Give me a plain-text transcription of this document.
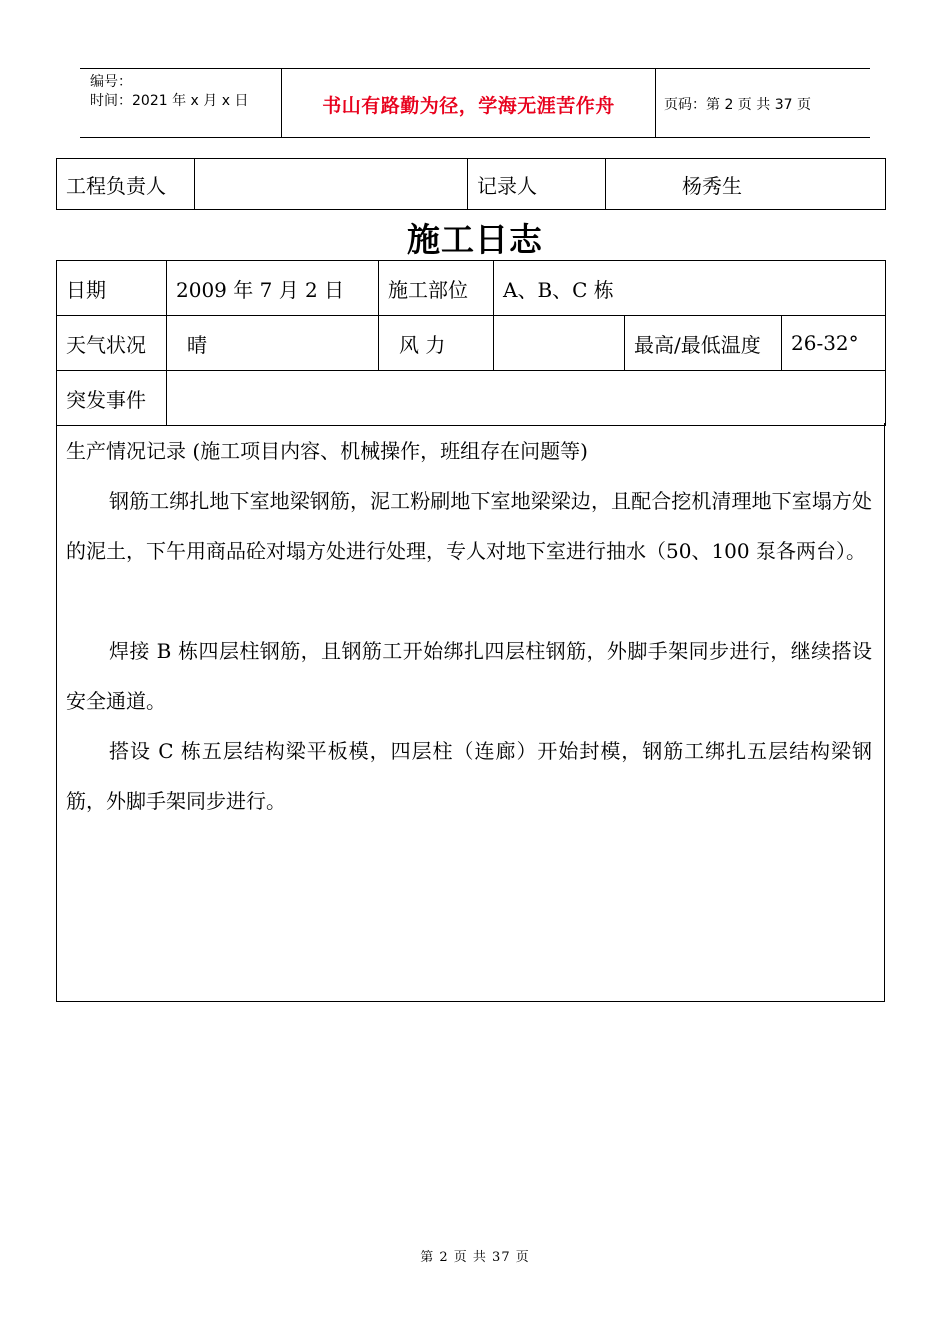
编号：
时间：2021 年 x 月 x 日	书山有路勤为径，学海无涯苦作舟	页码：第 2 页 共 37 页
工程负责人		记录人	杨秀生
施工日志
日期	2009 年 7 月 2 日	施工部位	A、B、C 栋		
天气状况	晴	风 力		最高/最低温度	26-32°
突发事件					
生产情况记录 (施工项目内容、机械操作，班组存在问题等)

钢筋工绑扎地下室地梁钢筋，泥工粉刷地下室地梁梁边，且配合挖机清理地下室塌方处的泥土，下午用商品砼对塌方处进行处理，专人对地下室进行抽水（50、100 泵各两台）。

焊接 B 栋四层柱钢筋，且钢筋工开始绑扎四层柱钢筋，外脚手架同步进行，继续搭设安全通道。

搭设 C 栋五层结构梁平板模，四层柱（连廊）开始封模，钢筋工绑扎五层结构梁钢筋，外脚手架同步进行。

第 2 页 共 37 页
